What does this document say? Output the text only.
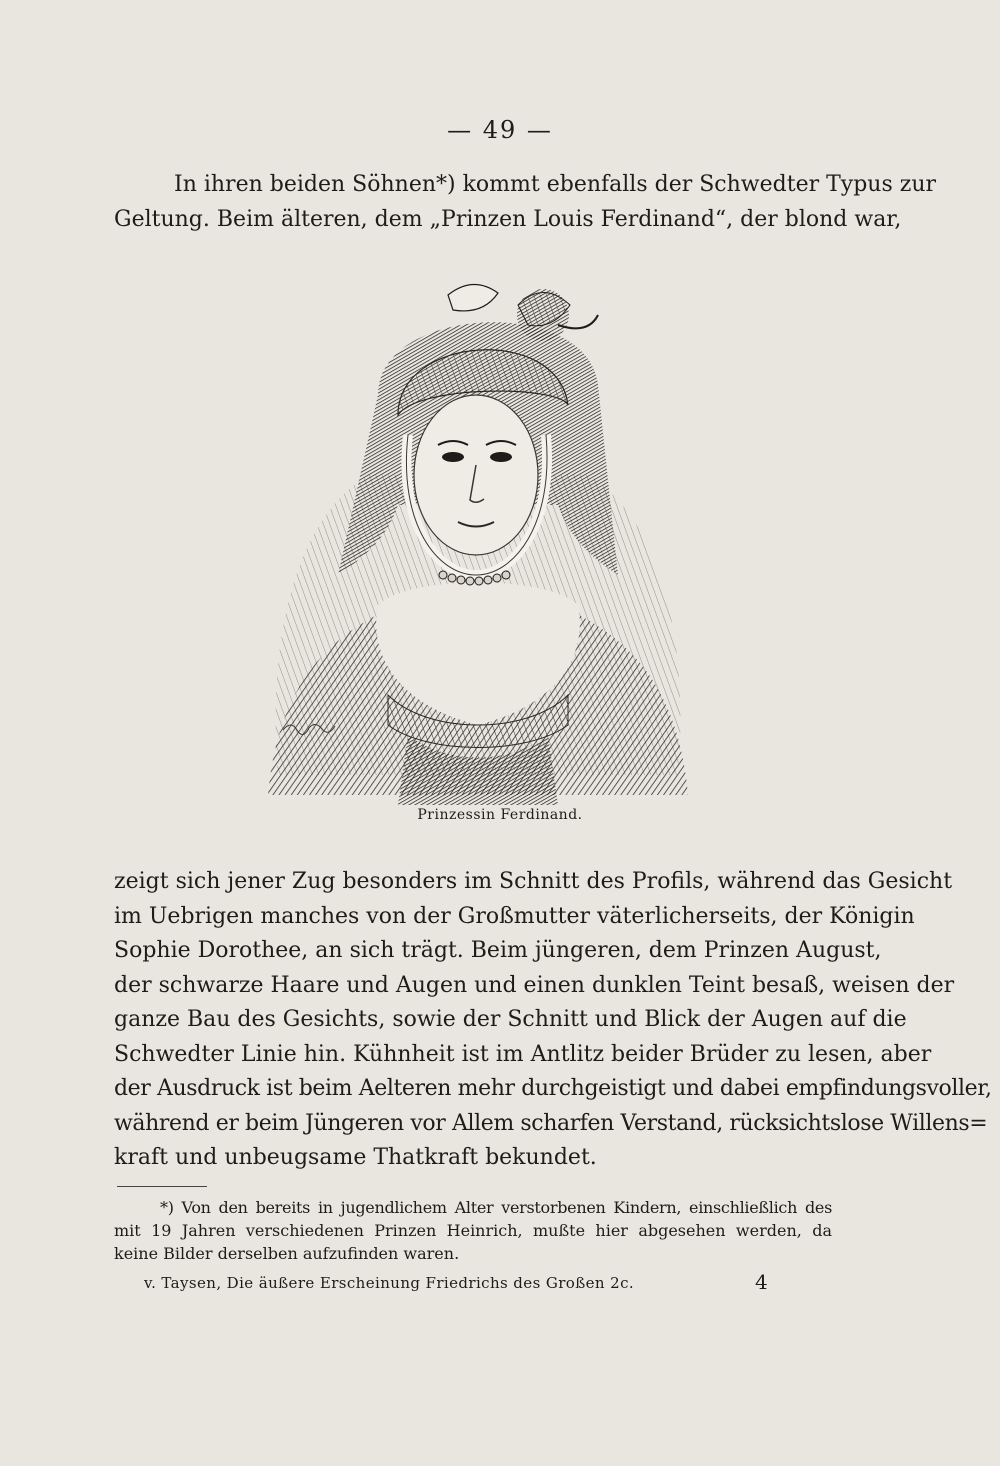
— 49 —

In ihren beiden Söhnen*) kommt ebenfalls der Schwedter Typus zur
Geltung. Beim älteren, dem „Prinzen Louis Ferdinand“, der blond war,

Prinzessin Ferdinand.

zeigt sich jener Zug besonders im Schnitt des Profils, während das Gesicht
im Uebrigen manches von der Großmutter väterlicherseits, der Königin
Sophie Dorothee, an sich trägt. Beim jüngeren, dem Prinzen August,
der schwarze Haare und Augen und einen dunklen Teint besaß, weisen der
ganze Bau des Gesichts, sowie der Schnitt und Blick der Augen auf die
Schwedter Linie hin. Kühnheit ist im Antlitz beider Brüder zu lesen, aber
der Ausdruck ist beim Aelteren mehr durchgeistigt und dabei empfindungsvoller,
während er beim Jüngeren vor Allem scharfen Verstand, rücksichtslose Willens=
kraft und unbeugsame Thatkraft bekundet.

*) Von den bereits in jugendlichem Alter verstorbenen Kindern, einschließlich des
mit 19 Jahren verschiedenen Prinzen Heinrich, mußte hier abgesehen werden, da
keine Bilder derselben aufzufinden waren.

v. Taysen, Die äußere Erscheinung Friedrichs des Großen 2c.	4
